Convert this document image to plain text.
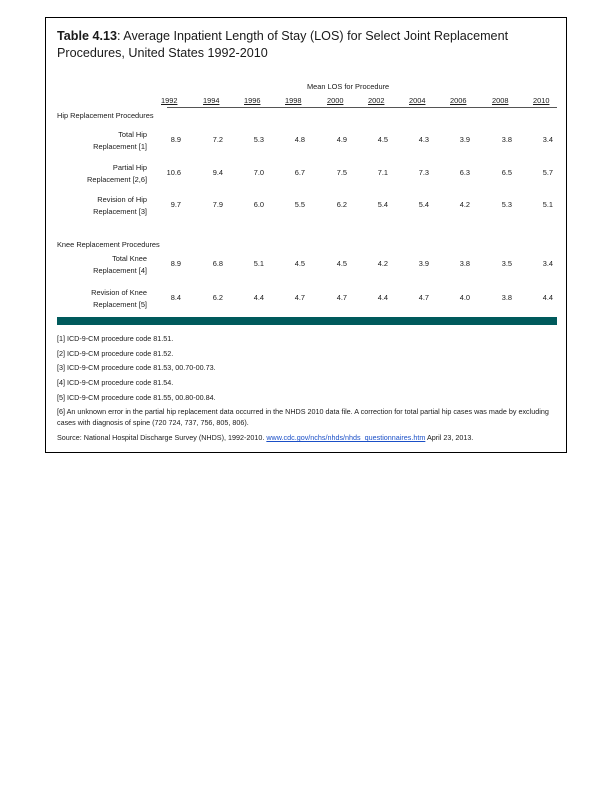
Table 4.13: Average Inpatient Length of Stay (LOS) for Select Joint Replacement Procedures, United States 1992-2010
Mean LOS for Procedure
1992	1994	1996	1998	2000	2002	2004	2006	2008	2010
Hip Replacement Procedures
Total Hip
Replacement [1]
8.9	7.2	5.3	4.8	4.9	4.5	4.3	3.9	3.8	3.4
Partial Hip
Replacement [2,6]
10.6	9.4	7.0	6.7	7.5	7.1	7.3	6.3	6.5	5.7
Revision of Hip
Replacement [3]
9.7	7.9	6.0	5.5	6.2	5.4	5.4	4.2	5.3	5.1
Knee Replacement Procedures
Total Knee
Replacement [4]
8.9	6.8	5.1	4.5	4.5	4.2	3.9	3.8	3.5	3.4
Revision of Knee
Replacement [5]
8.4	6.2	4.4	4.7	4.7	4.4	4.7	4.0	3.8	4.4
[1] ICD-9-CM procedure code 81.51.
[2] ICD-9-CM procedure code 81.52.
[3] ICD-9-CM procedure code 81.53, 00.70-00.73.
[4] ICD-9-CM procedure code 81.54.
[5] ICD-9-CM procedure code 81.55, 00.80-00.84.
[6] An unknown error in the partial hip replacement data occurred in the NHDS 2010 data file. A correction for total partial hip cases was made by excluding cases with diagnosis of spine (720 724, 737, 756, 805, 806).
Source: National Hospital Discharge Survey (NHDS), 1992-2010. www.cdc.gov/nchs/nhds/nhds_questionnaires.htm April 23, 2013.
